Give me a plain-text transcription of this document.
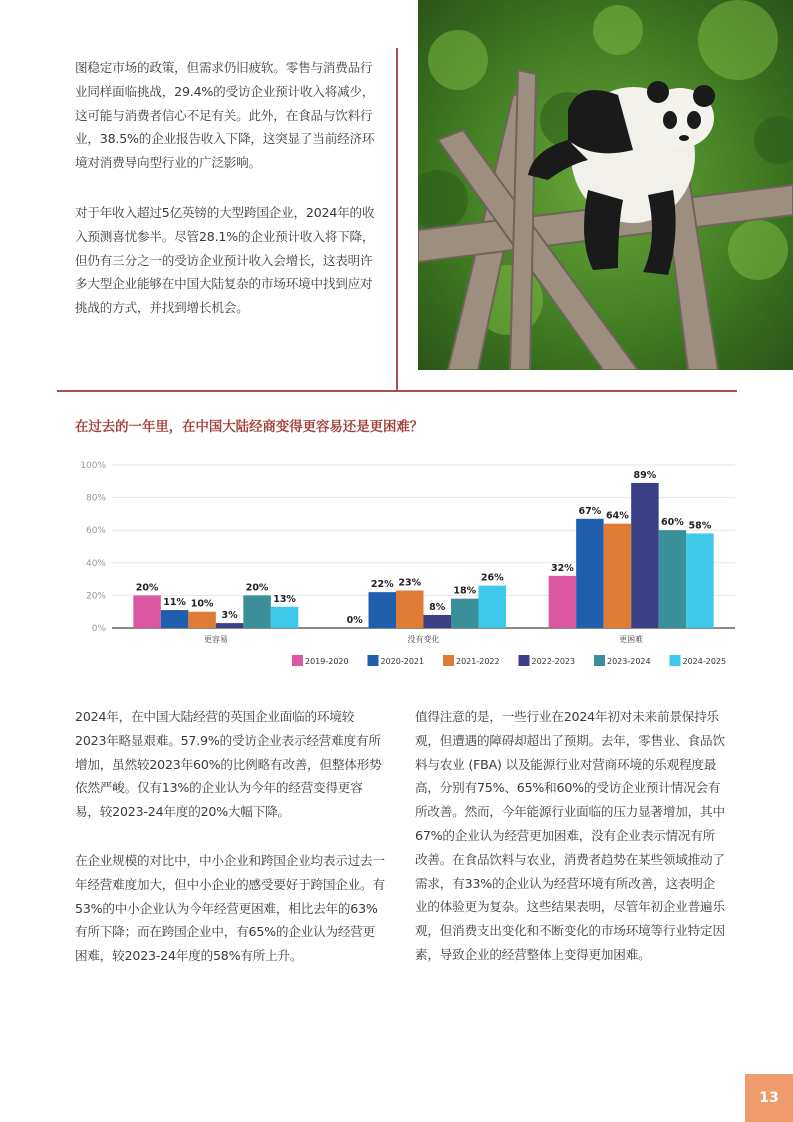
图稳定市场的政策，但需求仍旧疲软。零售与消费品行业同样面临挑战，29.4%的受访企业预计收入将减少，这可能与消费者信心不足有关。此外，在食品与饮料行业，38.5%的企业报告收入下降，这突显了当前经济环境对消费导向型行业的广泛影响。

对于年收入超过5亿英镑的大型跨国企业，2024年的收入预测喜忧参半。尽管28.1%的企业预计收入将下降，但仍有三分之一的受访企业预计收入会增长，这表明许多大型企业能够在中国大陆复杂的市场环境中找到应对挑战的方式，并找到增长机会。

在过去的一年里，在中国大陆经商变得更容易还是更困难？
0%
20%
40%
60%
80%
100%
20%
11% 10%
3%
20%
13%
更容易
0%
22% 23%
8%
18%
26%
没有变化
32%
67% 64%
89%
60% 58%
更困难
2019-2020	2020-2021	2021-2022	2022-2023	2023-2024	2024-2025

2024年，在中国大陆经营的英国企业面临的环境较2023年略显艰难。57.9%的受访企业表示经营难度有所增加，虽然较2023年60%的比例略有改善，但整体形势依然严峻。仅有13%的企业认为今年的经营变得更容易，较2023-24年度的20%大幅下降。

在企业规模的对比中，中小企业和跨国企业均表示过去一年经营难度加大，但中小企业的感受要好于跨国企业。有53%的中小企业认为今年经营更困难，相比去年的63%有所下降；而在跨国企业中，有65%的企业认为经营更困难，较2023-24年度的58%有所上升。

值得注意的是，一些行业在2024年初对未来前景保持乐观，但遭遇的障碍却超出了预期。去年，零售业、食品饮料与农业 (FBA) 以及能源行业对营商环境的乐观程度最高，分别有75%、65%和60%的受访企业预计情况会有所改善。然而，今年能源行业面临的压力显著增加，其中67%的企业认为经营更加困难，没有企业表示情况有所改善。在食品饮料与农业，消费者趋势在某些领域推动了需求，有33%的企业认为经营环境有所改善，这表明企业的体验更为复杂。这些结果表明，尽管年初企业普遍乐观，但消费支出变化和不断变化的市场环境等行业特定因素，导致企业的经营整体上变得更加困难。

13
